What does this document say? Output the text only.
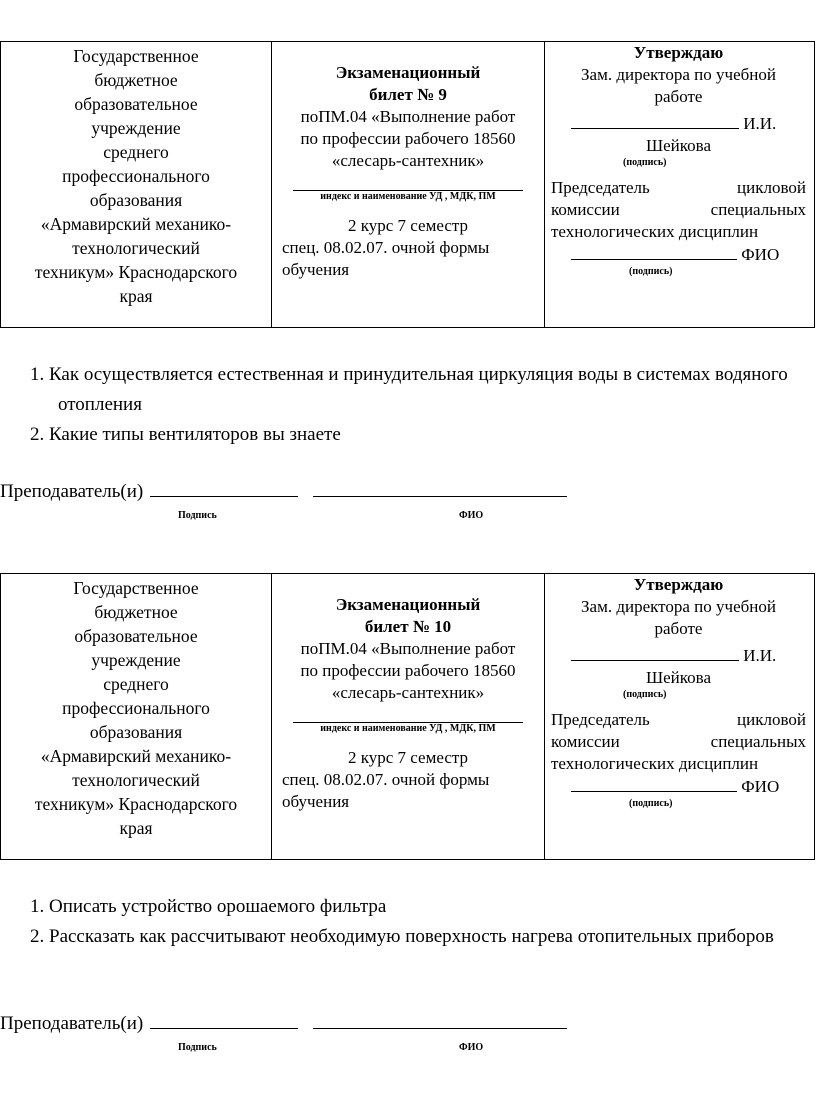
Государственное
бюджетное
образовательное
учреждение
среднего
профессионального
образования
«Армавирский механико-
технологический
техникум» Краснодарского
края
Экзаменационный
билет № 9
поПМ.04 «Выполнение работ
по профессии рабочего 18560
«слесарь-сантехник»
индекс и наименование УД , МДК, ПМ
2 курс 7 семестр
спец. 08.02.07. очной формы
обучения
Утверждаю
Зам. директора по учебной
работе
И.И.
Шейкова
(подпись)
Председатель цикловой
комиссии специальных
технологических дисциплин
ФИО
(подпись)
1. Как осуществляется естественная и принудительная циркуляция воды в системах водяного отопления
2. Какие типы вентиляторов вы знаете
Преподаватель(и)
Подпись	ФИО
Государственное
бюджетное
образовательное
учреждение
среднего
профессионального
образования
«Армавирский механико-
технологический
техникум» Краснодарского
края
Экзаменационный
билет № 10
поПМ.04 «Выполнение работ
по профессии рабочего 18560
«слесарь-сантехник»
индекс и наименование УД , МДК, ПМ
2 курс 7 семестр
спец. 08.02.07. очной формы
обучения
Утверждаю
Зам. директора по учебной
работе
И.И.
Шейкова
(подпись)
Председатель цикловой
комиссии специальных
технологических дисциплин
ФИО
(подпись)
1. Описать устройство орошаемого фильтра
2. Рассказать как рассчитывают необходимую поверхность нагрева отопительных приборов
Преподаватель(и)
Подпись	ФИО
